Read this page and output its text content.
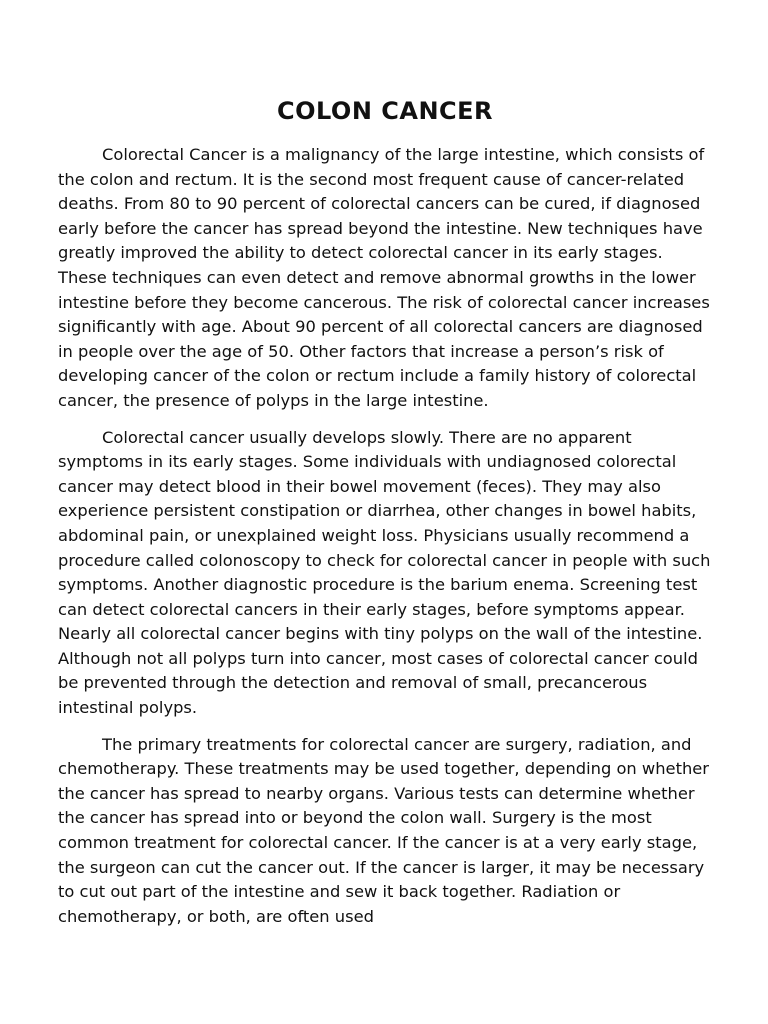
COLON CANCER

Colorectal Cancer is a malignancy of the large intestine, which consists of the colon and rectum. It is the second most frequent cause of cancer-related deaths. From 80 to 90 percent of colorectal cancers can be cured, if diagnosed early before the cancer has spread beyond the intestine. New techniques have greatly improved the ability to detect colorectal cancer in its early stages. These techniques can even detect and remove abnormal growths in the lower intestine before they become cancerous. The risk of colorectal cancer increases significantly with age. About 90 percent of all colorectal cancers are diagnosed in people over the age of 50. Other factors that increase a person’s risk of developing cancer of the colon or rectum include a family history of colorectal cancer, the presence of polyps in the large intestine.

Colorectal cancer usually develops slowly. There are no apparent symptoms in its early stages. Some individuals with undiagnosed colorectal cancer may detect blood in their bowel movement (feces). They may also experience persistent constipation or diarrhea, other changes in bowel habits, abdominal pain, or unexplained weight loss. Physicians usually recommend a procedure called colonoscopy to check for colorectal cancer in people with such symptoms. Another diagnostic procedure is the barium enema. Screening test can detect colorectal cancers in their early stages, before symptoms appear. Nearly all colorectal cancer begins with tiny polyps on the wall of the intestine. Although not all polyps turn into cancer, most cases of colorectal cancer could be prevented through the detection and removal of small, precancerous intestinal polyps.

The primary treatments for colorectal cancer are surgery, radiation, and chemotherapy. These treatments may be used together, depending on whether the cancer has spread to nearby organs. Various tests can determine whether the cancer has spread into or beyond the colon wall. Surgery is the most common treatment for colorectal cancer. If the cancer is at a very early stage, the surgeon can cut the cancer out. If the cancer is larger, it may be necessary to cut out part of the intestine and sew it back together. Radiation or chemotherapy, or both, are often used
